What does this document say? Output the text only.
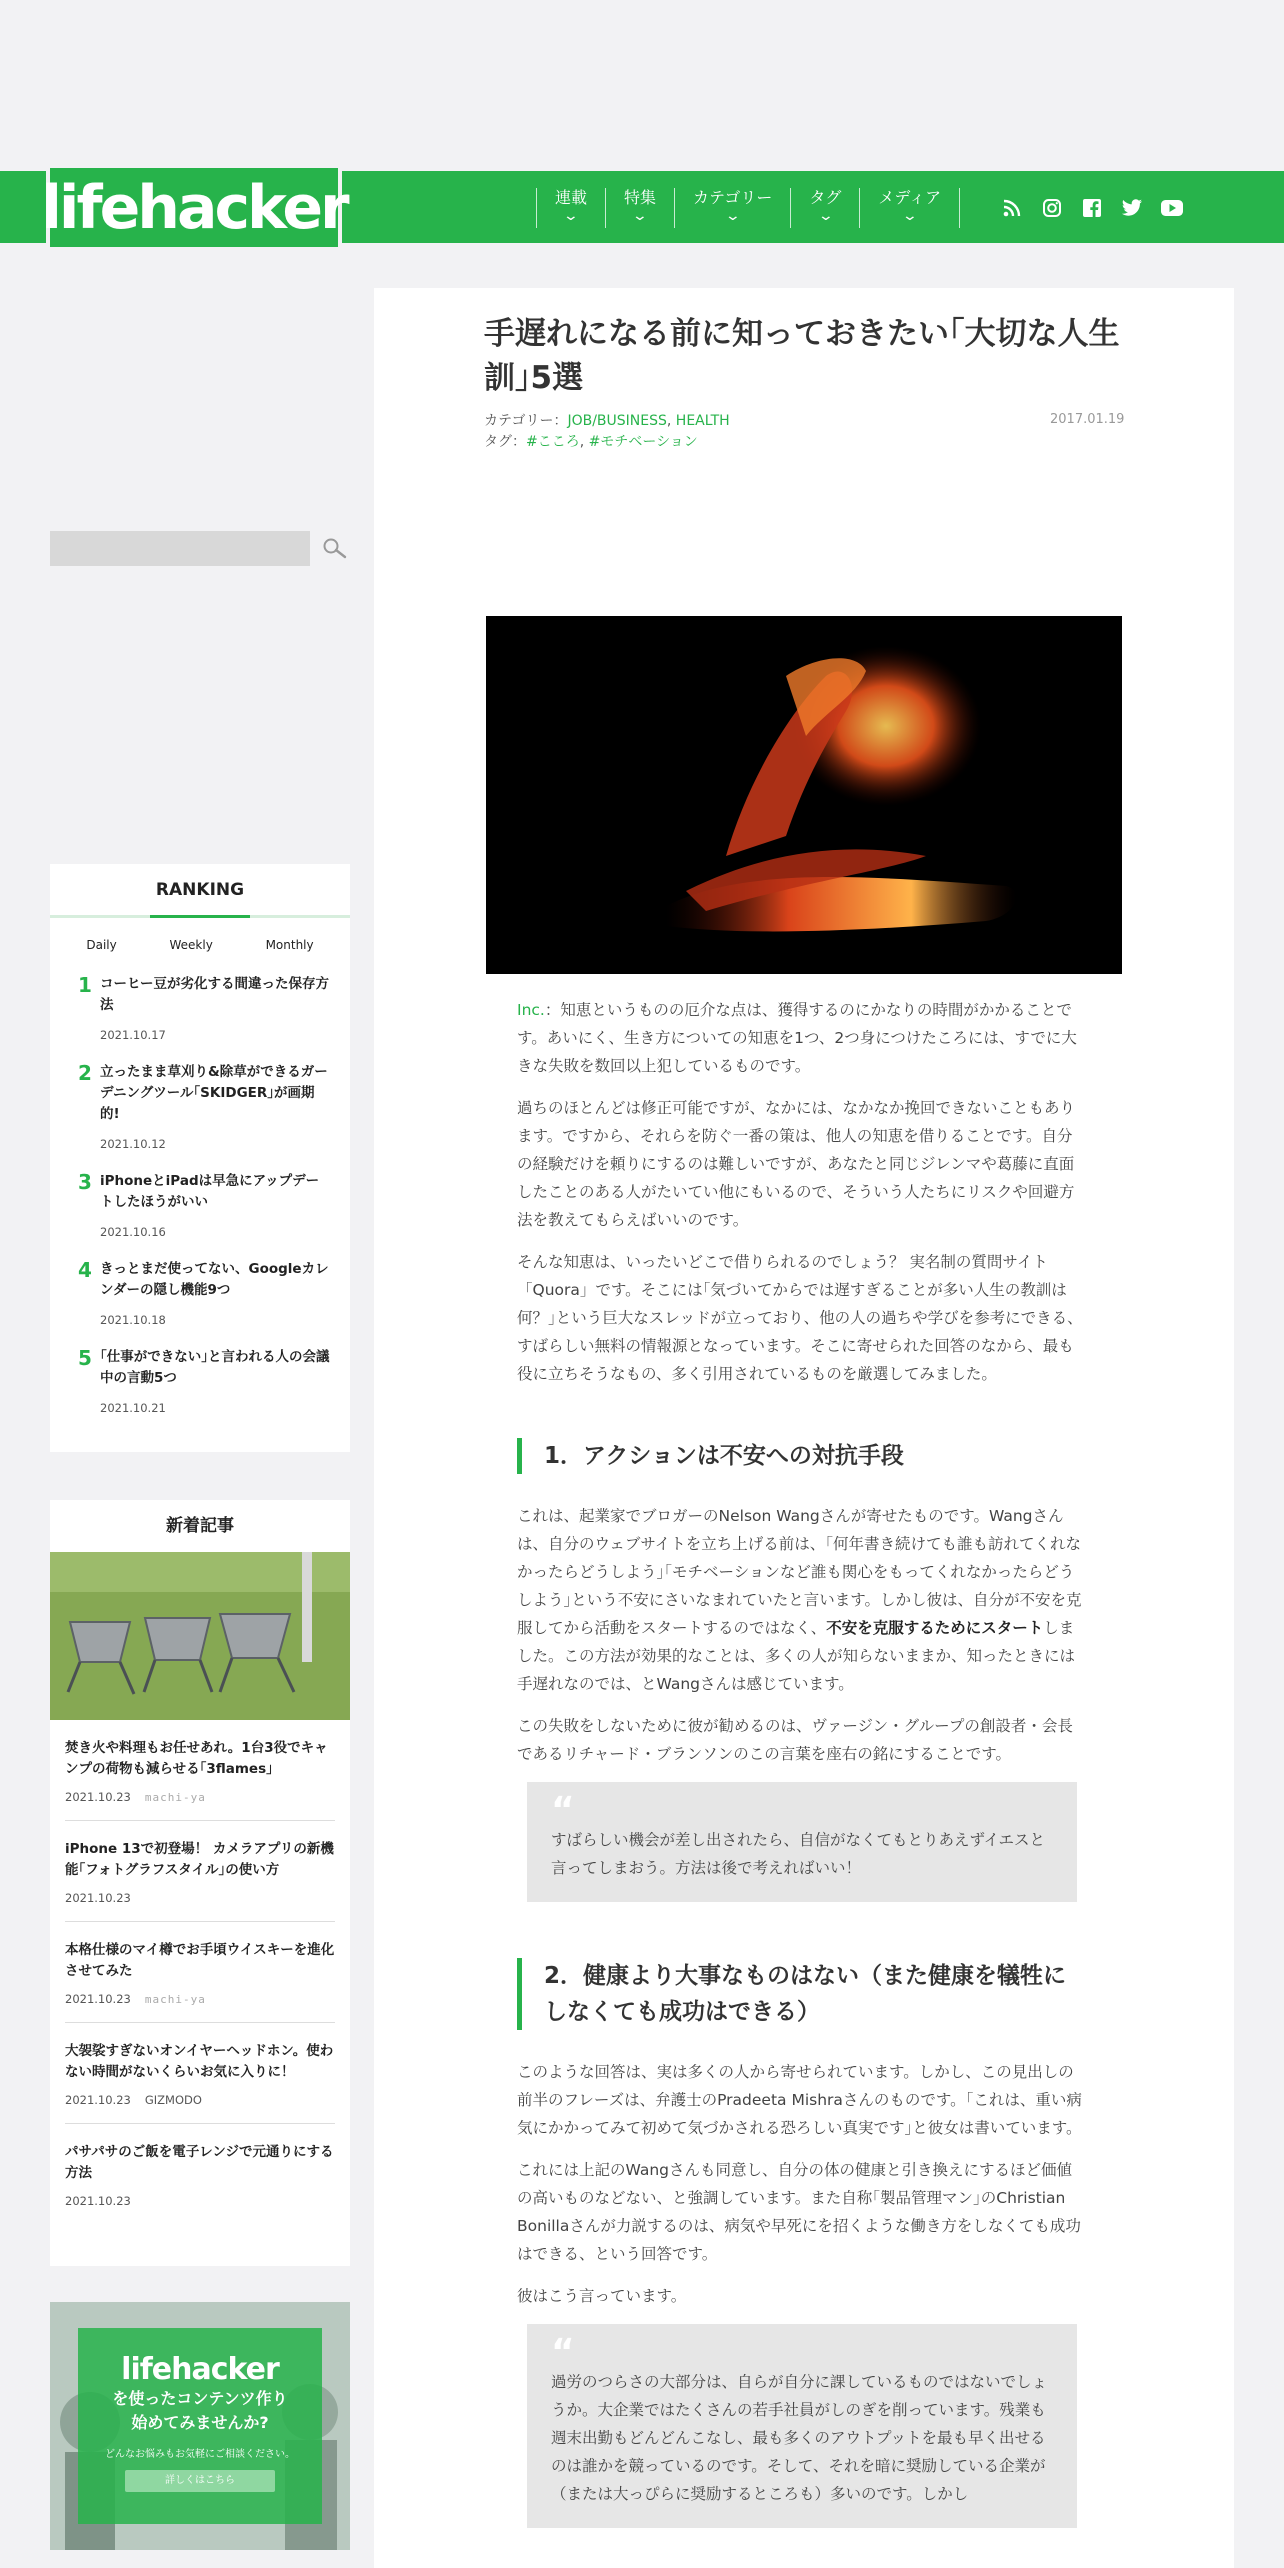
lifehacker	連載
⌄
特集
⌄
カテゴリー
⌄
タグ
⌄
メディア
⌄
手遅れになる前に知っておきたい｢大切な人生訓｣5選
カテゴリー：JOB/BUSINESS, HEALTH
タグ：#こころ, #モチベーション
2017.01.19

Inc.：知恵というものの厄介な点は、獲得するのにかなりの時間がかかることです。あいにく、生き方についての知恵を1つ、2つ身につけたころには、すでに大きな失敗を数回以上犯しているものです。

過ちのほとんどは修正可能ですが、なかには、なかなか挽回できないこともあります。ですから、それらを防ぐ一番の策は、他人の知恵を借りることです。自分の経験だけを頼りにするのは難しいですが、あなたと同じジレンマや葛藤に直面したことのある人がたいてい他にもいるので、そういう人たちにリスクや回避方法を教えてもらえばいいのです。

そんな知恵は、いったいどこで借りられるのでしょう？ 実名制の質問サイト「Quora」です。そこには｢気づいてからでは遅すぎることが多い人生の教訓は何？｣という巨大なスレッドが立っており、他の人の過ちや学びを参考にできる、すばらしい無料の情報源となっています。そこに寄せられた回答のなから、最も役に立ちそうなもの、多く引用されているものを厳選してみました。

1．アクションは不安への対抗手段

これは、起業家でブロガーのNelson Wangさんが寄せたものです。Wangさんは、自分のウェブサイトを立ち上げる前は、｢何年書き続けても誰も訪れてくれなかったらどうしよう｣｢モチベーションなど誰も関心をもってくれなかったらどうしよう｣という不安にさいなまれていたと言います。しかし彼は、自分が不安を克服してから活動をスタートするのではなく、不安を克服するためにスタートしました。この方法が効果的なことは、多くの人が知らないままか、知ったときには手遅れなのでは、とWangさんは感じています。

この失敗をしないために彼が勧めるのは、ヴァージン・グループの創設者・会長であるリチャード・ブランソンのこの言葉を座右の銘にすることです。

“
すばらしい機会が差し出されたら、自信がなくてもとりあえずイエスと言ってしまおう。方法は後で考えればいい！
2．健康より大事なものはない（また健康を犠牲にしなくても成功はできる）

このような回答は、実は多くの人から寄せられています。しかし、この見出しの前半のフレーズは、弁護士のPradeeta Mishraさんのものです。｢これは、重い病気にかかってみて初めて気づかされる恐ろしい真実です｣と彼女は書いています。

これには上記のWangさんも同意し、自分の体の健康と引き換えにするほど価値の高いものなどない、と強調しています。また自称｢製品管理マン｣のChristian Bonillaさんが力説するのは、病気や早死にを招くような働き方をしなくても成功はできる、という回答です。

彼はこう言っています。

“
過労のつらさの大部分は、自らが自分に課しているものではないでしょうか。大企業ではたくさんの若手社員がしのぎを削っています。残業も週末出勤もどんどんこなし、最も多くのアウトプットを最も早く出せるのは誰かを競っているのです。そして、それを暗に奨励している企業が（または大っぴらに奨励するところも）多いのです。しかし
RANKING
Daily	Weekly	Monthly
1 コーヒー豆が劣化する間違った保存方法
2021.10.17
2 立ったまま草刈り&除草ができるガーデニングツール｢SKIDGER｣が画期的!
2021.10.12
3 iPhoneとiPadは早急にアップデートしたほうがいい
2021.10.16
4 きっとまだ使ってない、Googleカレンダーの隠し機能9つ
2021.10.18
5 ｢仕事ができない｣と言われる人の会議中の言動5つ
2021.10.21
新着記事
焚き火や料理もお任せあれ。1台3役でキャンプの荷物も減らせる｢3flames｣
2021.10.23 machi-ya
iPhone 13で初登場！ カメラアプリの新機能｢フォトグラフスタイル｣の使い方
2021.10.23
本格仕様のマイ樽でお手頃ウイスキーを進化させてみた
2021.10.23 machi-ya
大袈裟すぎないオンイヤーヘッドホン。使わない時間がないくらいお気に入りに！
2021.10.23 GIZMODO
パサパサのご飯を電子レンジで元通りにする方法
2021.10.23
lifehacker
を使ったコンテンツ作り
始めてみませんか?
どんなお悩みもお気軽にご相談ください。
詳しくはこちら
